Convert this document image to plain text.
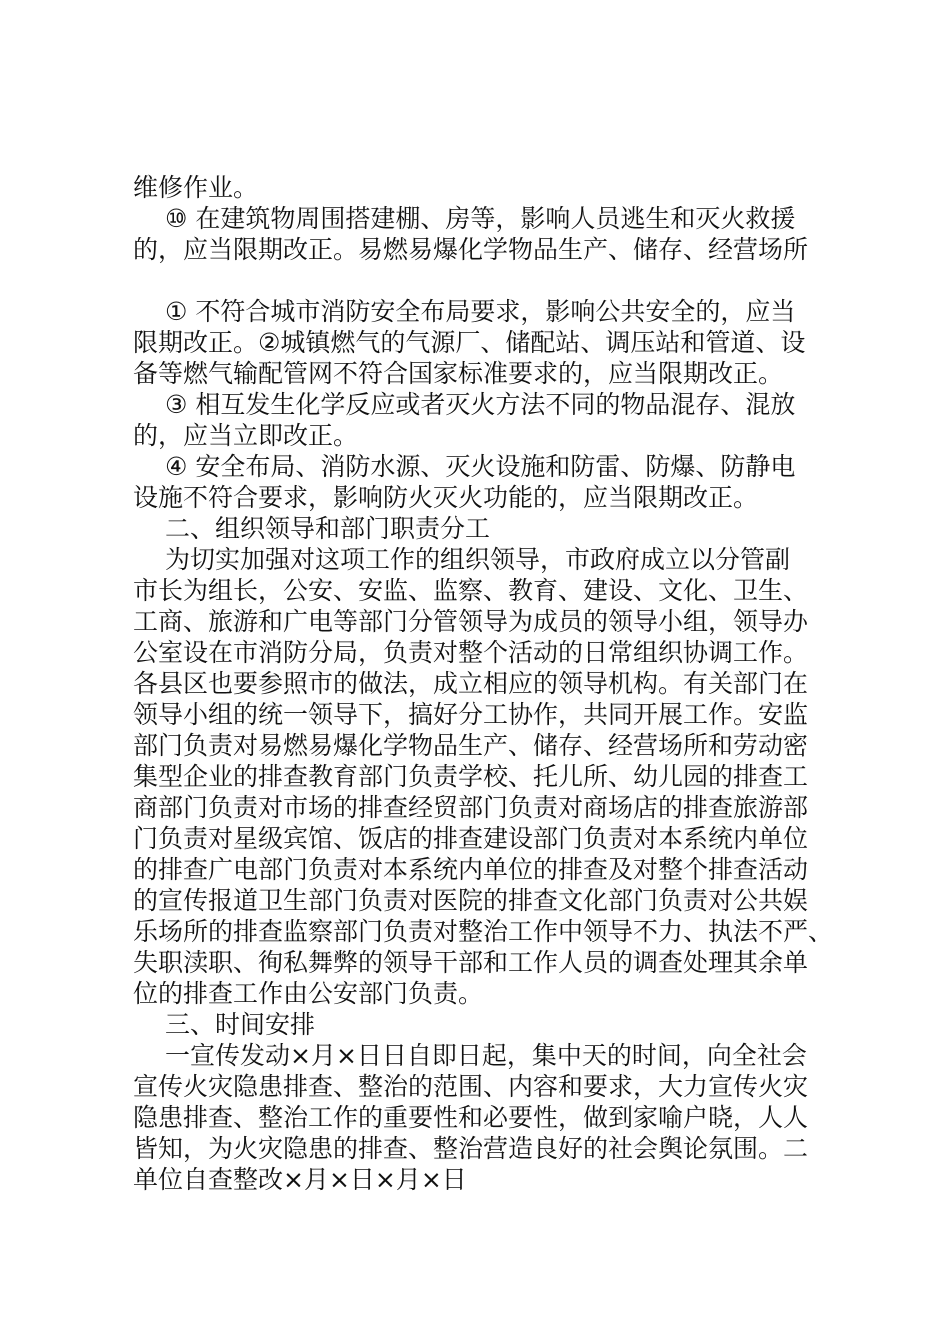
维修作业。
⑩ 在建筑物周围搭建棚、房等，影响人员逃生和灭火救援
的，应当限期改正。易燃易爆化学物品生产、储存、经营场所
① 不符合城市消防安全布局要求，影响公共安全的，应当
限期改正。②城镇燃气的气源厂、储配站、调压站和管道、设
备等燃气输配管网不符合国家标准要求的，应当限期改正。
③ 相互发生化学反应或者灭火方法不同的物品混存、混放
的，应当立即改正。
④ 安全布局、消防水源、灭火设施和防雷、防爆、防静电
设施不符合要求，影响防火灭火功能的，应当限期改正。
二、组织领导和部门职责分工
为切实加强对这项工作的组织领导，市政府成立以分管副
市长为组长，公安、安监、监察、教育、建设、文化、卫生、
工商、旅游和广电等部门分管领导为成员的领导小组，领导办
公室设在市消防分局，负责对整个活动的日常组织协调工作。
各县区也要参照市的做法，成立相应的领导机构。有关部门在
领导小组的统一领导下，搞好分工协作，共同开展工作。安监
部门负责对易燃易爆化学物品生产、储存、经营场所和劳动密
集型企业的排查教育部门负责学校、托儿所、幼儿园的排查工
商部门负责对市场的排查经贸部门负责对商场店的排查旅游部
门负责对星级宾馆、饭店的排查建设部门负责对本系统内单位
的排查广电部门负责对本系统内单位的排查及对整个排查活动
的宣传报道卫生部门负责对医院的排查文化部门负责对公共娱
乐场所的排查监察部门负责对整治工作中领导不力、执法不严、
失职渎职、徇私舞弊的领导干部和工作人员的调查处理其余单
位的排查工作由公安部门负责。
三、时间安排
一宣传发动×月×日日自即日起，集中天的时间，向全社会
宣传火灾隐患排查、整治的范围、内容和要求，大力宣传火灾
隐患排查、整治工作的重要性和必要性，做到家喻户晓，人人
皆知，为火灾隐患的排查、整治营造良好的社会舆论氛围。二
单位自查整改×月×日×月×日
